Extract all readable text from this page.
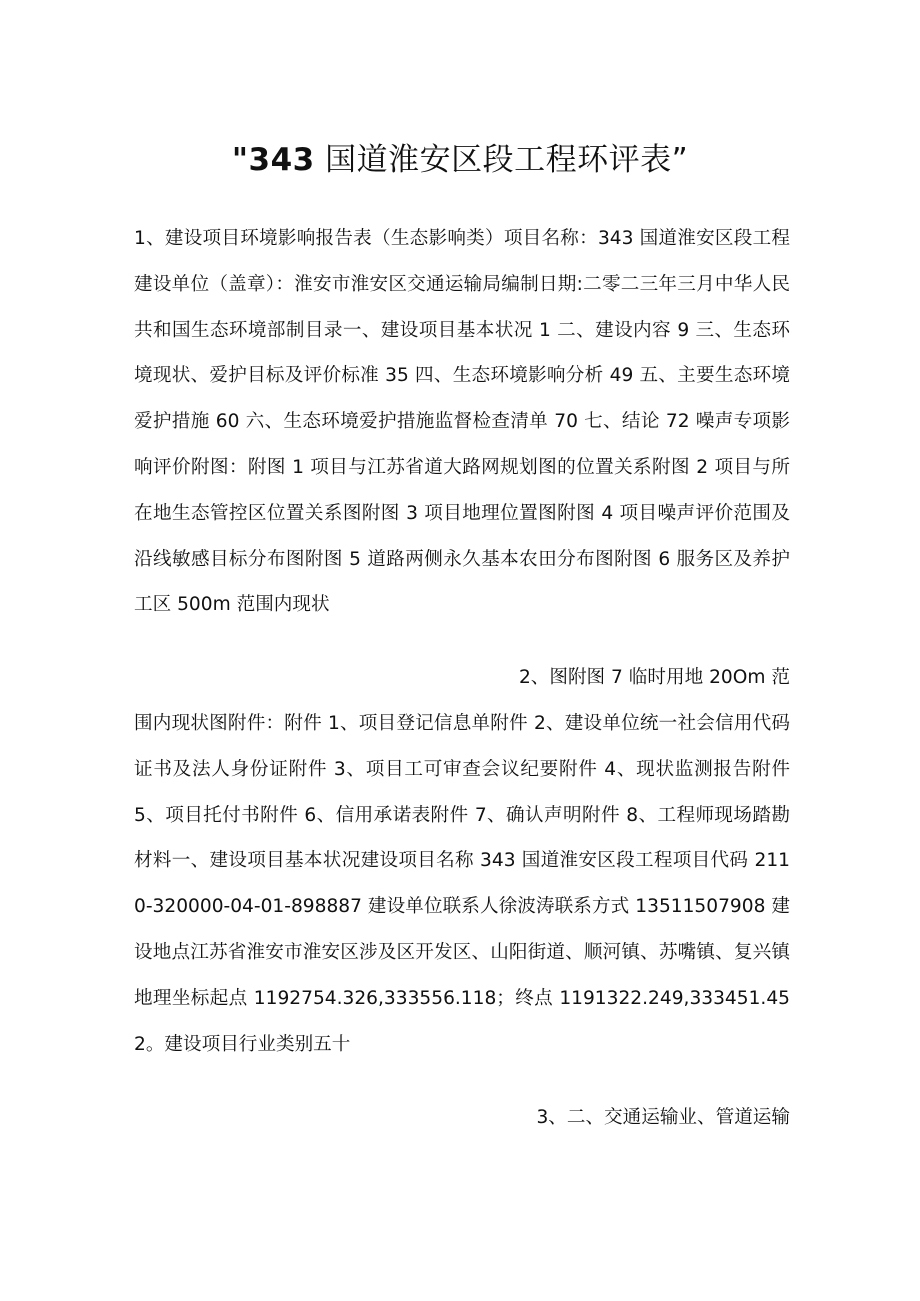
"343 国道淮安区段工程环评表”

1、建设项目环境影响报告表（生态影响类）项目名称：343 国道淮安区段工程建设单位（盖章）：淮安市淮安区交通运输局编制日期:二零二三年三月中华人民共和国生态环境部制目录一、建设项目基本状况 1 二、建设内容 9 三、生态环境现状、爱护目标及评价标准 35 四、生态环境影响分析 49 五、主要生态环境爱护措施 60 六、生态环境爱护措施监督检查清单 70 七、结论 72 噪声专项影响评价附图：附图 1 项目与江苏省道大路网规划图的位置关系附图 2 项目与所在地生态管控区位置关系图附图 3 项目地理位置图附图 4 项目噪声评价范围及沿线敏感目标分布图附图 5 道路两侧永久基本农田分布图附图 6 服务区及养护工区 500m 范围内现状

2、图附图 7 临时用地 20Om 范

围内现状图附件：附件 1、项目登记信息单附件 2、建设单位统一社会信用代码证书及法人身份证附件 3、项目工可审查会议纪要附件 4、现状监测报告附件 5、项目托付书附件 6、信用承诺表附件 7、确认声明附件 8、工程师现场踏勘材料一、建设项目基本状况建设项目名称 343 国道淮安区段工程项目代码 2110-320000-04-01-898887 建设单位联系人徐波涛联系方式 13511507908 建设地点江苏省淮安市淮安区涉及区开发区、山阳街道、顺河镇、苏嘴镇、复兴镇地理坐标起点 1192754.326,333556.118；终点 1191322.249,333451.452。建设项目行业类别五十

3、二、交通运输业、管道运输
